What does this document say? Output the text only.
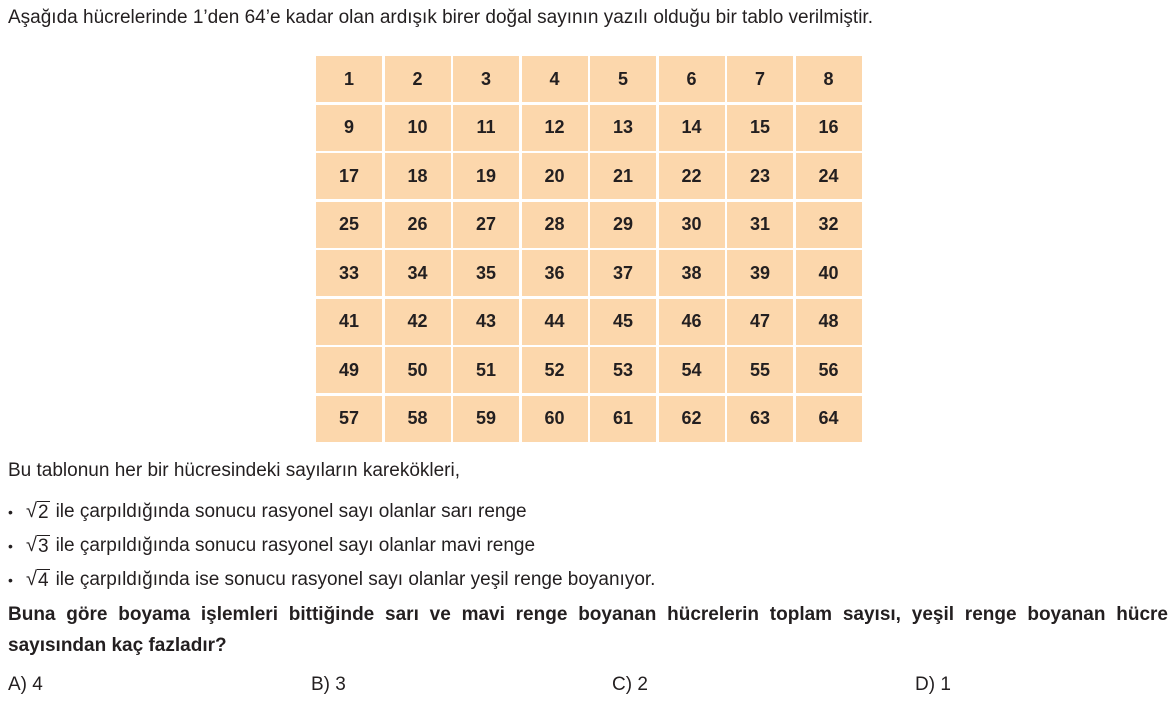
Aşağıda hücrelerinde 1’den 64’e kadar olan ardışık birer doğal sayının yazılı olduğu bir tablo verilmiştir.
1	2	3	4	5	6	7	8
9	10	11	12	13	14	15	16
17	18	19	20	21	22	23	24
25	26	27	28	29	30	31	32
33	34	35	36	37	38	39	40
41	42	43	44	45	46	47	48
49	50	51	52	53	54	55	56
57	58	59	60	61	62	63	64
Bu tablonun her bir hücresindeki sayıların karekökleri,
• √ 2 ile çarpıldığında sonucu rasyonel sayı olanlar sarı renge
• √ 3 ile çarpıldığında sonucu rasyonel sayı olanlar mavi renge
• √ 4 ile çarpıldığında ise sonucu rasyonel sayı olanlar yeşil renge boyanıyor.
Buna göre boyama işlemleri bittiğinde sarı ve mavi renge boyanan hücrelerin toplam sayısı, yeşil renge boyanan hücre sayısından kaç fazladır?
A) 4	B) 3	C) 2	D) 1
